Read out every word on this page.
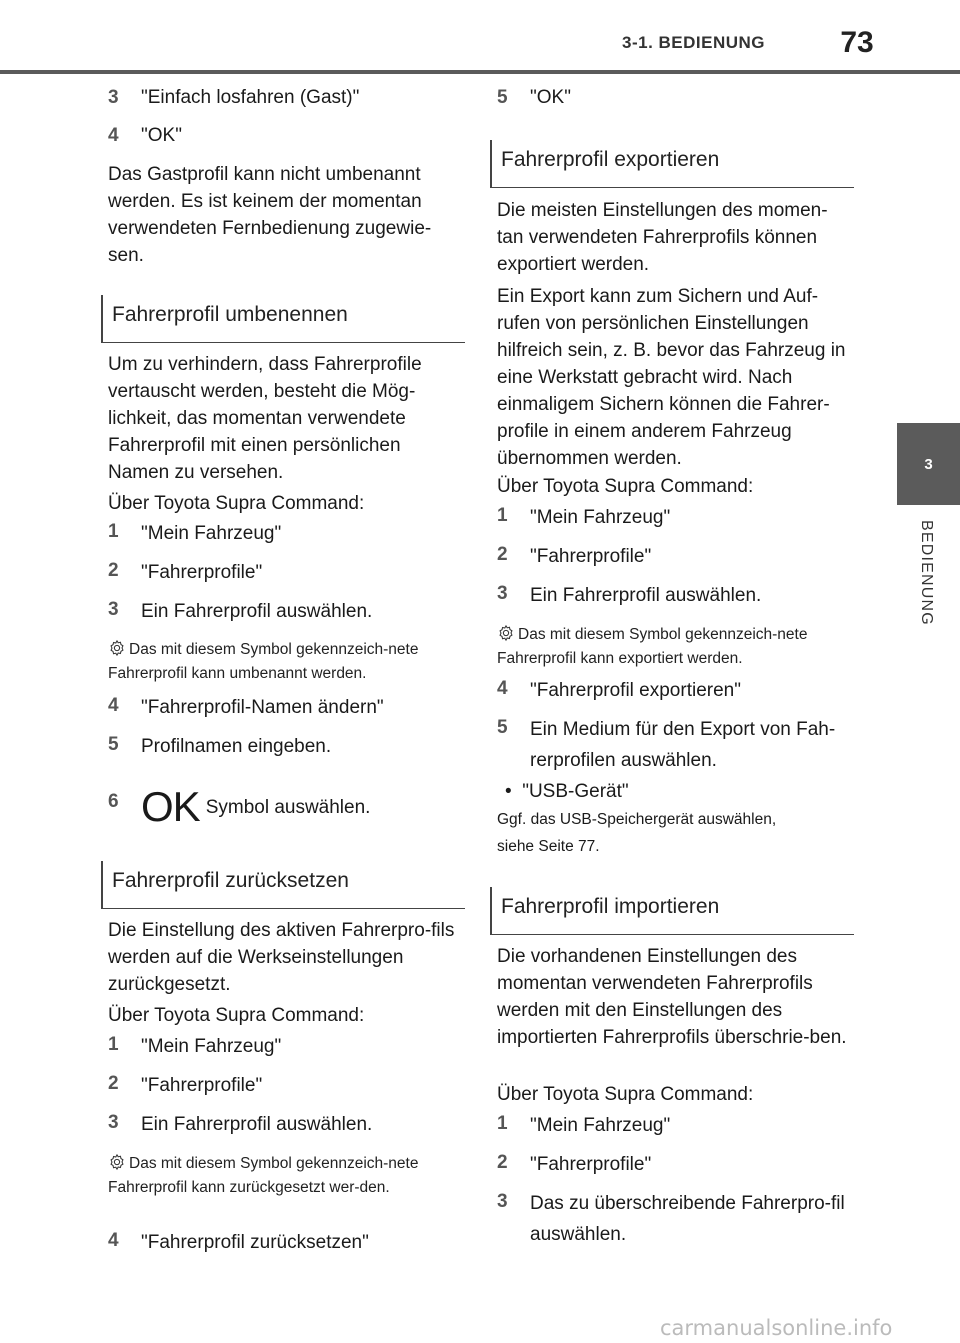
3-1. BEDIENUNG	73
3
BEDIENUNG
3	"Einfach losfahren (Gast)"
4	"OK"

Das Gastprofil kann nicht umbenannt werden. Es ist keinem der momentan verwendeten Fernbedienung zugewie-sen.

Fahrerprofil umbenennen

Um zu verhindern, dass Fahrerprofile vertauscht werden, besteht die Mög-lichkeit, das momentan verwendete Fahrerprofil mit einen persönlichen Namen zu versehen.

Über Toyota Supra Command:

1	"Mein Fahrzeug"
2	"Fahrerprofile"
3	Ein Fahrerprofil auswählen.
Das mit diesem Symbol gekennzeich-nete Fahrerprofil kann umbenannt werden.
4	"Fahrerprofil-Namen ändern"
5	Profilnamen eingeben.
6 OK Symbol auswählen.
Fahrerprofil zurücksetzen

Die Einstellung des aktiven Fahrerpro-fils werden auf die Werkseinstellungen zurückgesetzt.

Über Toyota Supra Command:

1	"Mein Fahrzeug"
2	"Fahrerprofile"
3	Ein Fahrerprofil auswählen.
Das mit diesem Symbol gekennzeich-nete Fahrerprofil kann zurückgesetzt wer-den.
4	"Fahrerprofil zurücksetzen"
5	"OK"
Fahrerprofil exportieren

Die meisten Einstellungen des momen-tan verwendeten Fahrerprofils können exportiert werden.

Ein Export kann zum Sichern und Auf-rufen von persönlichen Einstellungen hilfreich sein, z. B. bevor das Fahrzeug in eine Werkstatt gebracht wird. Nach einmaligem Sichern können die Fahrer-profile in einem anderem Fahrzeug übernommen werden.

Über Toyota Supra Command:

1	"Mein Fahrzeug"
2	"Fahrerprofile"
3	Ein Fahrerprofil auswählen.
Das mit diesem Symbol gekennzeich-nete Fahrerprofil kann exportiert werden.
4	"Fahrerprofil exportieren"
5	Ein Medium für den Export von Fah-rerprofilen auswählen.
•  "USB-Gerät"

Ggf. das USB-Speichergerät auswählen,

siehe Seite 77.

Fahrerprofil importieren

Die vorhandenen Einstellungen des momentan verwendeten Fahrerprofils werden mit den Einstellungen des importierten Fahrerprofils überschrie-ben.

Über Toyota Supra Command:

1	"Mein Fahrzeug"
2	"Fahrerprofile"
3	Das zu überschreibende Fahrerpro-fil auswählen.
carmanualsonline.info
